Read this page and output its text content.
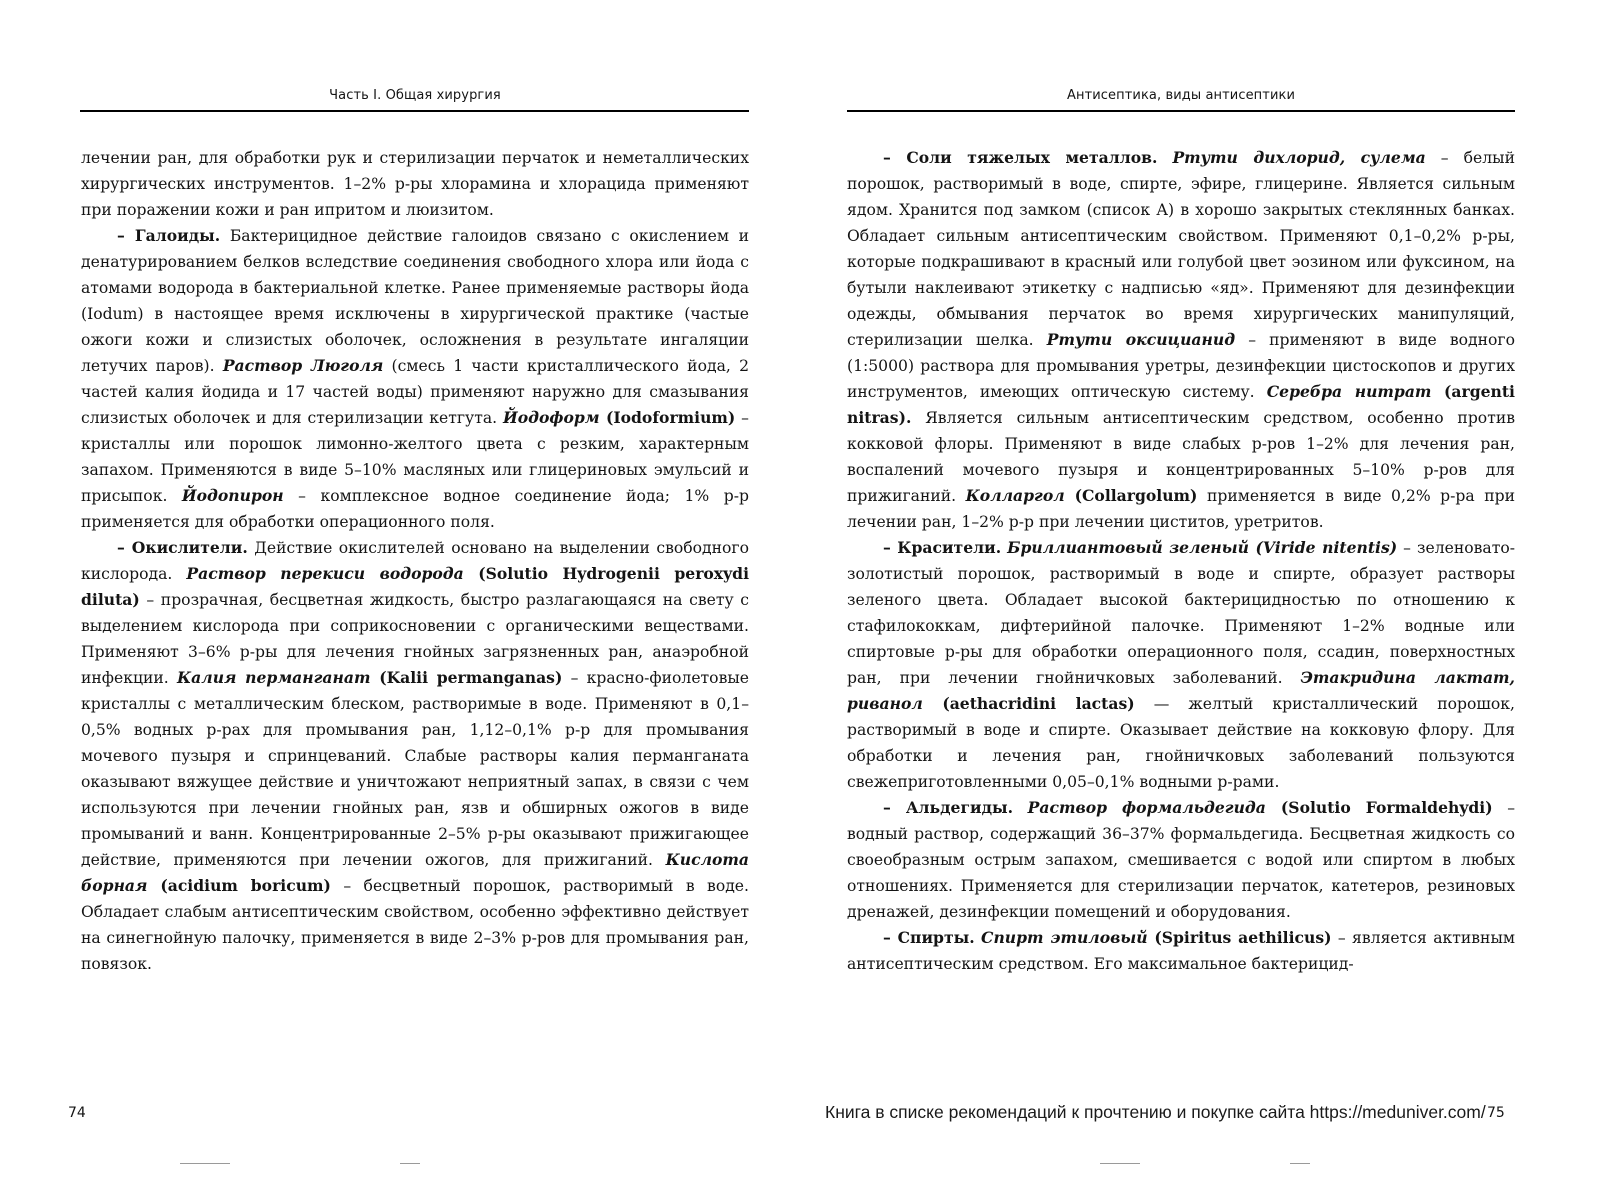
Часть I. Общая хирургия

лечении ран, для обработки рук и стерилизации перчаток и неметаллических хирургических инструментов. 1–2% р-ры хлорамина и хлорацида применяют при поражении кожи и ран ипритом и люизитом.

– Галоиды. Бактерицидное действие галоидов связано с окислением и денатурированием белков вследствие соединения свободного хлора или йода с атомами водорода в бактериальной клетке. Ранее применяемые растворы йода (Iodum) в настоящее время исключены в хирургической практике (частые ожоги кожи и слизистых оболочек, осложнения в результате ингаляции летучих паров). Раствор Люголя (смесь 1 части кристаллического йода, 2 частей калия йодида и 17 частей воды) применяют наружно для смазывания слизистых оболочек и для стерилизации кетгута. Йодоформ (Iodoformium) – кристаллы или порошок лимонно-желтого цвета с резким, характерным запахом. Применяются в виде 5–10% масляных или глицериновых эмульсий и присыпок. Йодопирон – комплексное водное соединение йода; 1% р-р применяется для обработки операционного поля.

– Окислители. Действие окислителей основано на выделении свободного кислорода. Раствор перекиси водорода (Solutio Hydrogenii peroxydi diluta) – прозрачная, бесцветная жидкость, быстро разлагающаяся на свету с выделением кислорода при соприкосновении с органическими веществами. Применяют 3–6% р-ры для лечения гнойных загрязненных ран, анаэробной инфекции. Калия перманганат (Kalii permanganas) – красно-фиолетовые кристаллы с металлическим блеском, растворимые в воде. Применяют в 0,1–0,5% водных р-рах для промывания ран, 1,12–0,1% р-р для промывания мочевого пузыря и спринцеваний. Слабые растворы калия перманганата оказывают вяжущее действие и уничтожают неприятный запах, в связи с чем используются при лечении гнойных ран, язв и обширных ожогов в виде промываний и ванн. Концентрированные 2–5% р-ры оказывают прижигающее действие, применяются при лечении ожогов, для прижиганий. Кислота борная (acidium boricum) – бесцветный порошок, растворимый в воде. Обладает слабым антисептическим свойством, особенно эффективно действует на синегнойную палочку, применяется в виде 2–3% р-ров для промывания ран, повязок.

74
Антисептика, виды антисептики

– Соли тяжелых металлов. Ртути дихлорид, сулема – белый порошок, растворимый в воде, спирте, эфире, глицерине. Является сильным ядом. Хранится под замком (список А) в хорошо закрытых стеклянных банках. Обладает сильным антисептическим свойством. Применяют 0,1–0,2% р-ры, которые подкрашивают в красный или голубой цвет эозином или фуксином, на бутыли наклеивают этикетку с надписью «яд». Применяют для дезинфекции одежды, обмывания перчаток во время хирургических манипуляций, стерилизации шелка. Ртути оксицианид – применяют в виде водного (1:5000) раствора для промывания уретры, дезинфекции цистоскопов и других инструментов, имеющих оптическую систему. Серебра нитрат (argenti nitras). Является сильным антисептическим средством, особенно против кокковой флоры. Применяют в виде слабых р-ров 1–2% для лечения ран, воспалений мочевого пузыря и концентрированных 5–10% р-ров для прижиганий. Колларгол (Collargolum) применяется в виде 0,2% р-ра при лечении ран, 1–2% р-р при лечении циститов, уретритов.

– Красители. Бриллиантовый зеленый (Viride nitentis) – зеленовато-золотистый порошок, растворимый в воде и спирте, образует растворы зеленого цвета. Обладает высокой бактерицидностью по отношению к стафилококкам, дифтерийной палочке. Применяют 1–2% водные или спиртовые р-ры для обработки операционного поля, ссадин, поверхностных ран, при лечении гнойничковых заболеваний. Этакридина лактат, риванол (aethacridini lactas) — желтый кристаллический порошок, растворимый в воде и спирте. Оказывает действие на кокковую флору. Для обработки и лечения ран, гнойничковых заболеваний пользуются свежеприготовленными 0,05–0,1% водными р-рами.

– Альдегиды. Раствор формальдегида (Solutio Formaldehydi) – водный раствор, содержащий 36–37% формальдегида. Бесцветная жидкость со своеобразным острым запахом, смешивается с водой или спиртом в любых отношениях. Применяется для стерилизации перчаток, катетеров, резиновых дренажей, дезинфекции помещений и оборудования.

– Спирты. Спирт этиловый (Spiritus aethilicus) – является активным антисептическим средством. Его максимальное бактерицид-

75
Книга в списке рекомендаций к прочтению и покупке сайта https://meduniver.com/
